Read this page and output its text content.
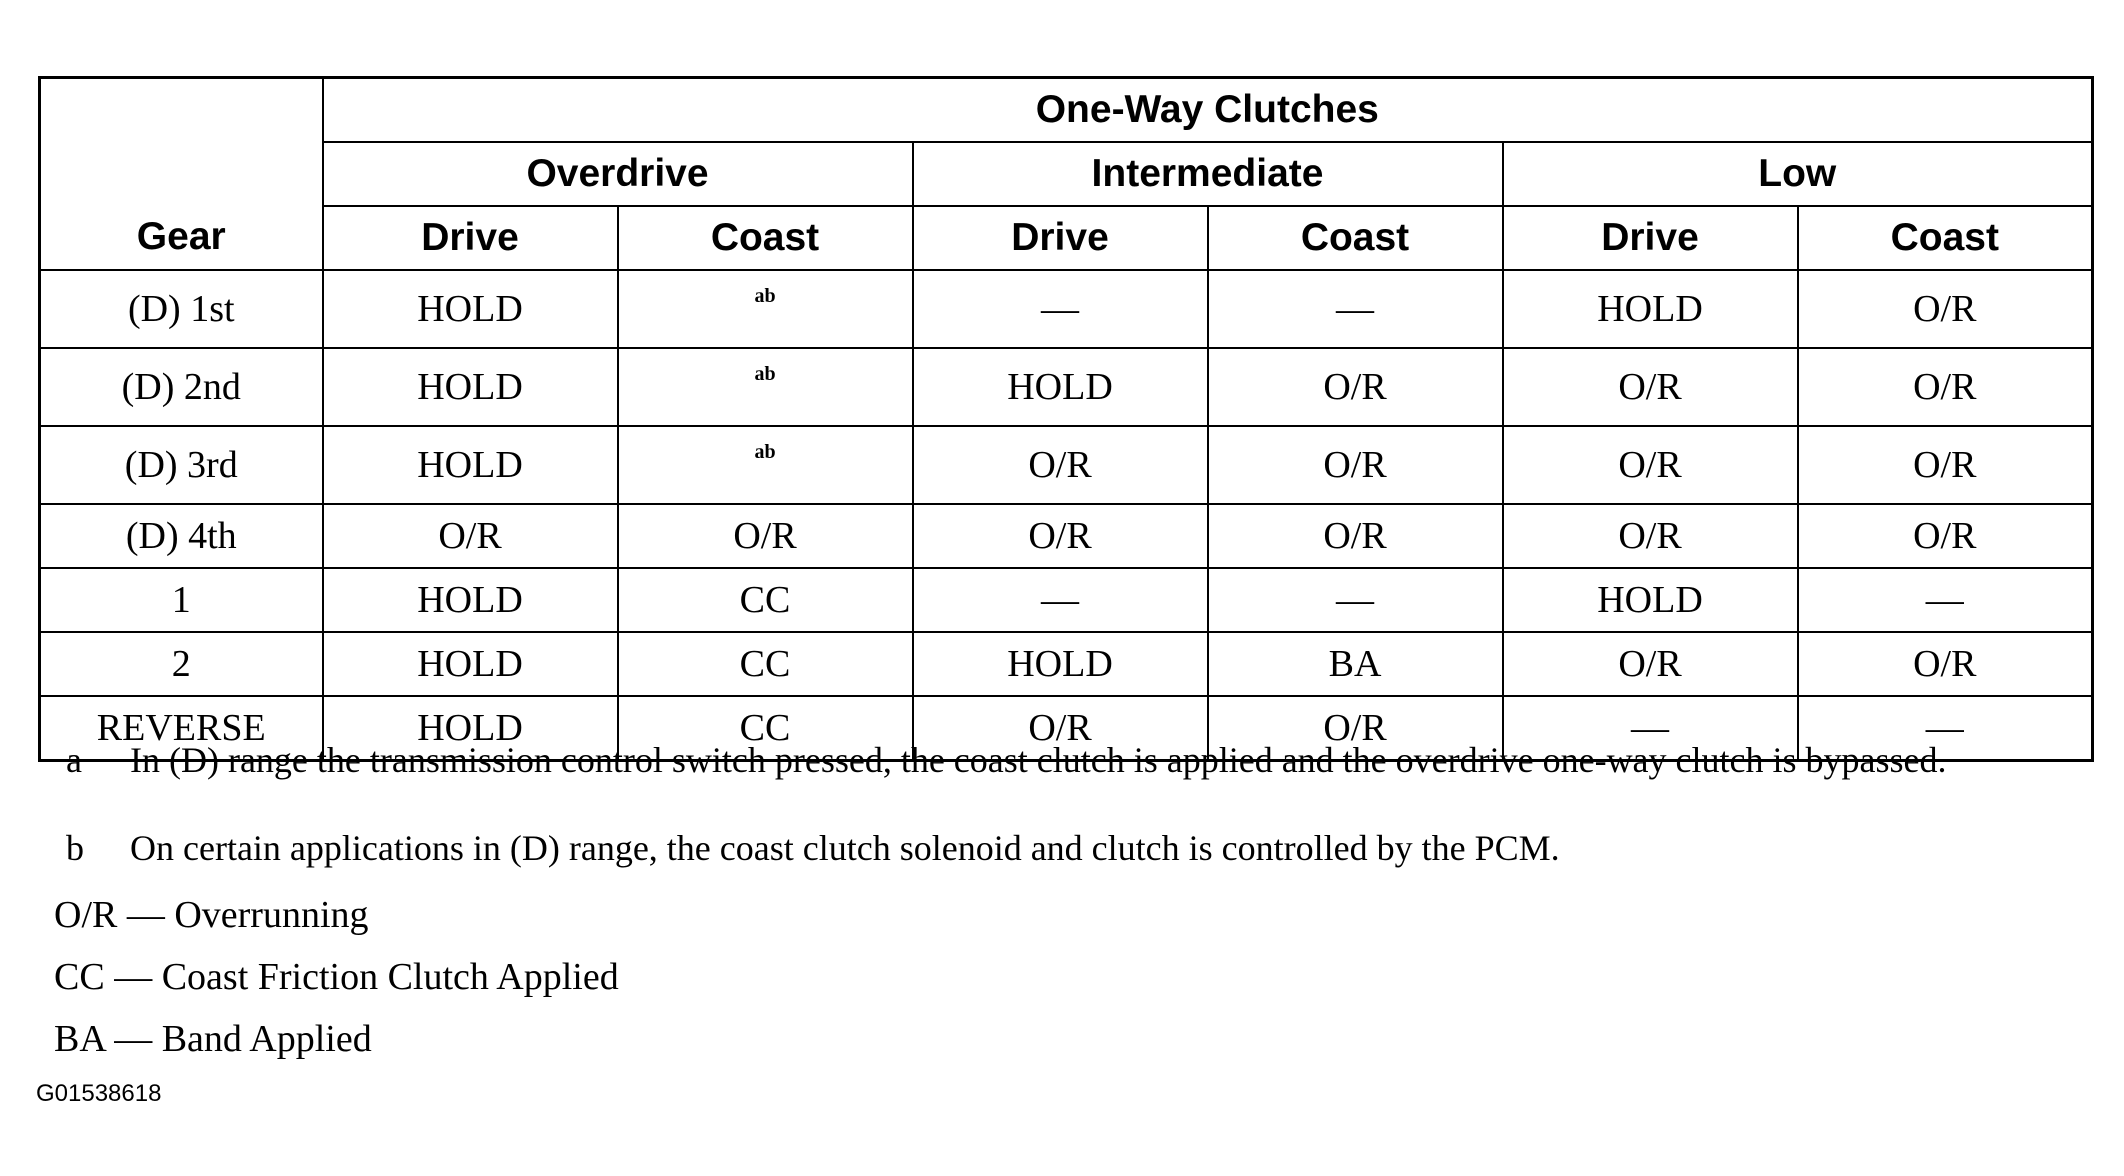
Gear	One-Way Clutches					
	Overdrive		Intermediate		Low	
	Drive	Coast	Drive	Coast	Drive	Coast
(D) 1st	HOLD	ab	—	—	HOLD	O/R
(D) 2nd	HOLD	ab	HOLD	O/R	O/R	O/R
(D) 3rd	HOLD	ab	O/R	O/R	O/R	O/R
(D) 4th	O/R	O/R	O/R	O/R	O/R	O/R
1	HOLD	CC	—	—	HOLD	—
2	HOLD	CC	HOLD	BA	O/R	O/R
REVERSE	HOLD	CC	O/R	O/R	—	—
a In (D) range the transmission control switch pressed, the coast clutch is applied and the overdrive one-way clutch is bypassed.
b On certain applications in (D) range, the coast clutch solenoid and clutch is controlled by the PCM.
O/R — Overrunning
CC — Coast Friction Clutch Applied
BA — Band Applied
G01538618
